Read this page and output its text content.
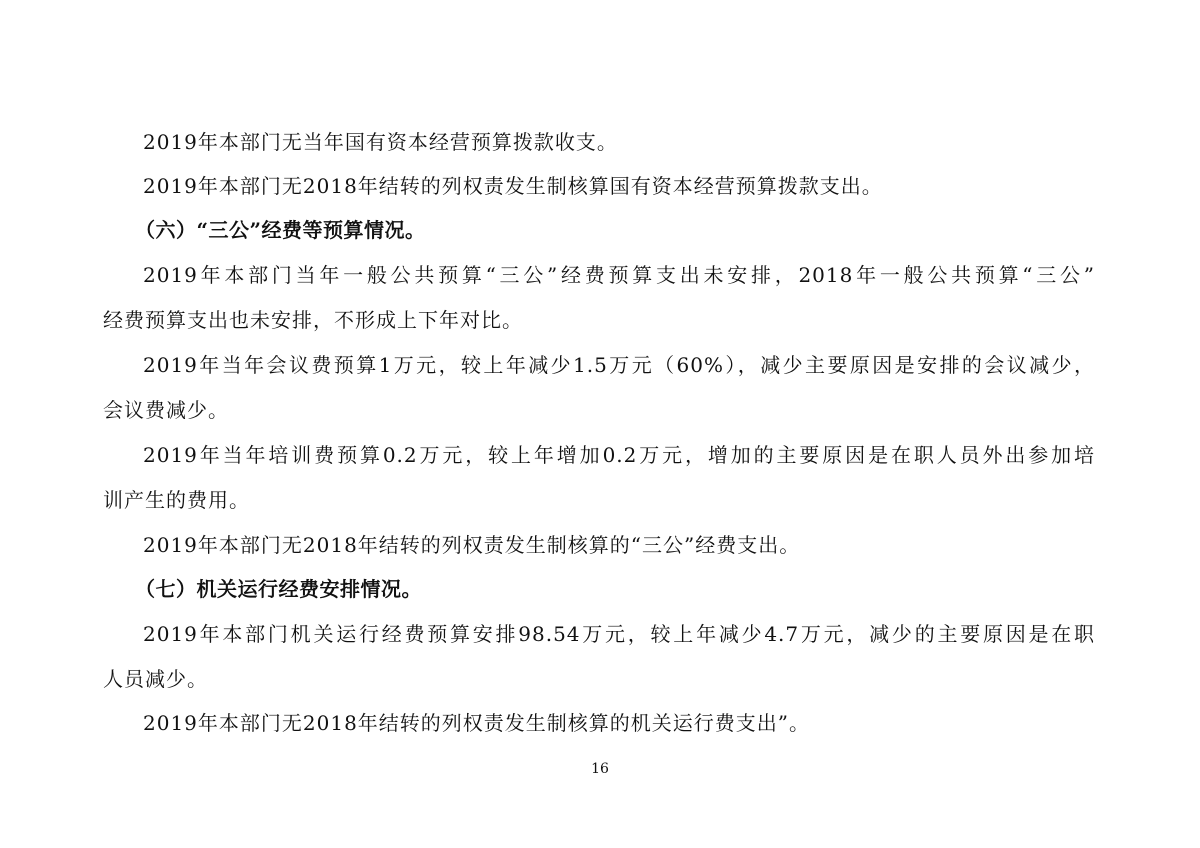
2019年本部门无当年国有资本经营预算拨款收支。
2019年本部门无2018年结转的列权责发生制核算国有资本经营预算拨款支出。
（六）“三公”经费等预算情况。
2019年本部门当年一般公共预算“三公”经费预算支出未安排，2018年一般公共预算“三公”
经费预算支出也未安排，不形成上下年对比。
2019年当年会议费预算1万元，较上年减少1.5万元（60%），减少主要原因是安排的会议减少，
会议费减少。
2019年当年培训费预算0.2万元，较上年增加0.2万元，增加的主要原因是在职人员外出参加培
训产生的费用。
2019年本部门无2018年结转的列权责发生制核算的“三公”经费支出。
（七）机关运行经费安排情况。
2019年本部门机关运行经费预算安排98.54万元，较上年减少4.7万元，减少的主要原因是在职
人员减少。
2019年本部门无2018年结转的列权责发生制核算的机关运行费支出”。
16
